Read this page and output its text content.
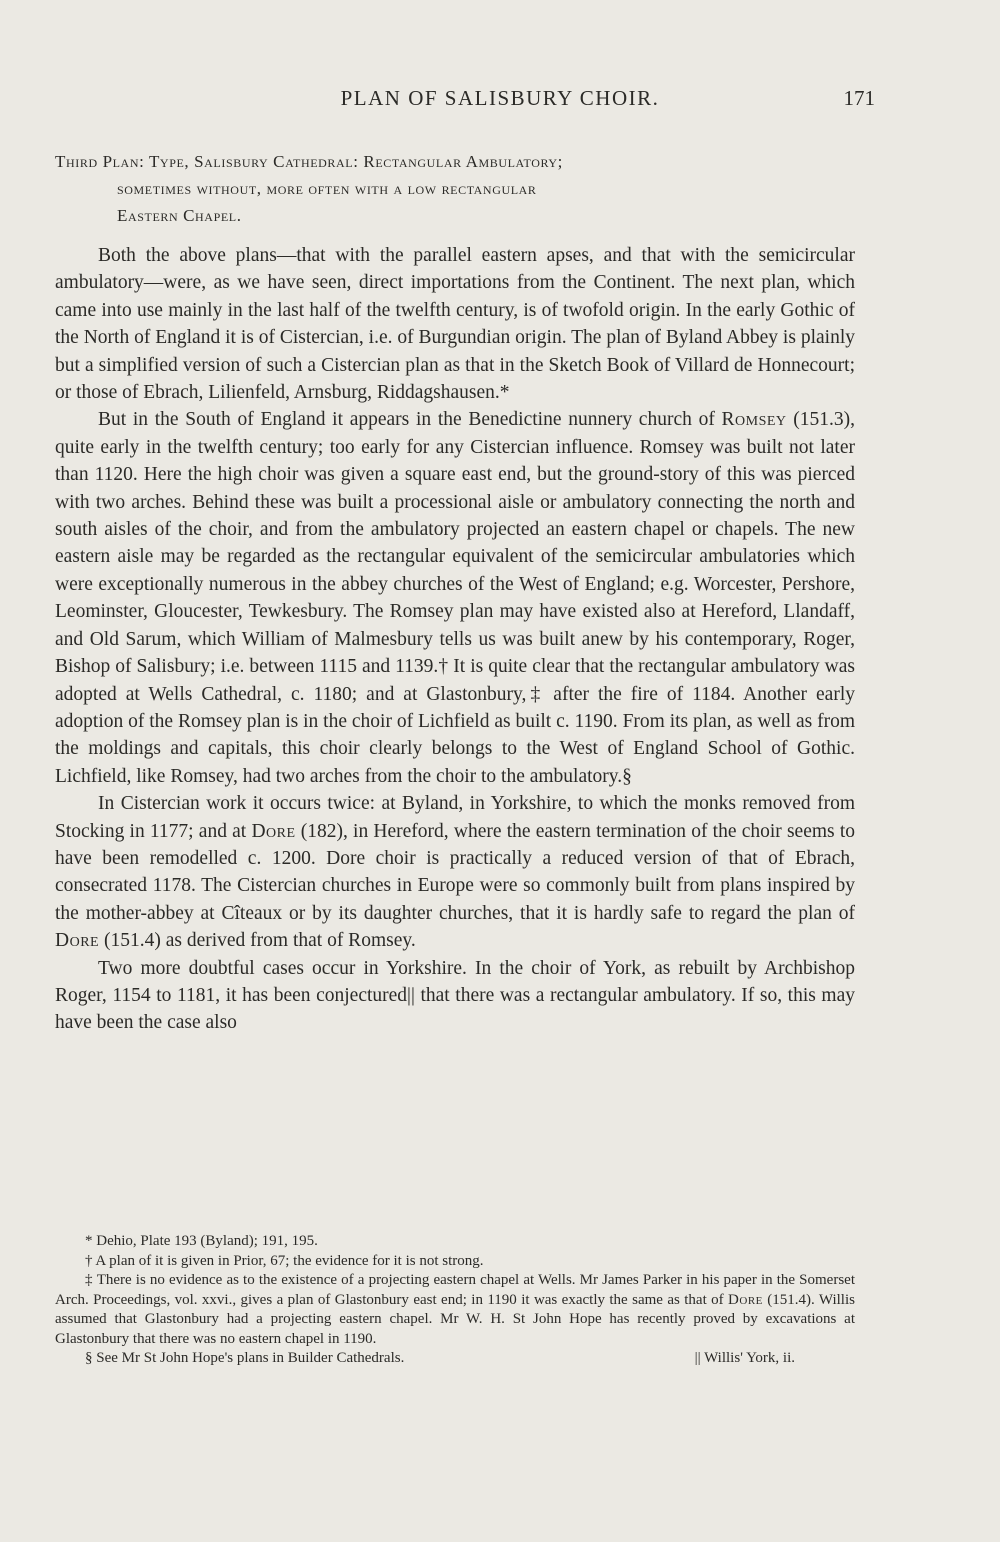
PLAN OF SALISBURY CHOIR.	171
Third Plan: Type, Salisbury Cathedral: Rectangular Ambulatory;
sometimes without, more often with a low rectangular
Eastern Chapel.

Both the above plans—that with the parallel eastern apses, and that with the semicircular ambulatory—were, as we have seen, direct importations from the Continent. The next plan, which came into use mainly in the last half of the twelfth century, is of twofold origin. In the early Gothic of the North of England it is of Cistercian, i.e. of Burgundian origin. The plan of Byland Abbey is plainly but a simplified version of such a Cistercian plan as that in the Sketch Book of Villard de Honnecourt; or those of Ebrach, Lilienfeld, Arnsburg, Riddagshausen.*

But in the South of England it appears in the Benedictine nunnery church of Romsey (151.3), quite early in the twelfth century; too early for any Cistercian influence. Romsey was built not later than 1120. Here the high choir was given a square east end, but the ground-story of this was pierced with two arches. Behind these was built a processional aisle or ambulatory connecting the north and south aisles of the choir, and from the ambulatory projected an eastern chapel or chapels. The new eastern aisle may be regarded as the rectangular equivalent of the semicircular ambulatories which were exceptionally numerous in the abbey churches of the West of England; e.g. Worcester, Pershore, Leominster, Gloucester, Tewkesbury. The Romsey plan may have existed also at Hereford, Llandaff, and Old Sarum, which William of Malmesbury tells us was built anew by his contemporary, Roger, Bishop of Salisbury; i.e. between 1115 and 1139.† It is quite clear that the rectangular ambulatory was adopted at Wells Cathedral, c. 1180; and at Glastonbury,‡ after the fire of 1184. Another early adoption of the Romsey plan is in the choir of Lichfield as built c. 1190. From its plan, as well as from the moldings and capitals, this choir clearly belongs to the West of England School of Gothic. Lichfield, like Romsey, had two arches from the choir to the ambulatory.§

In Cistercian work it occurs twice: at Byland, in Yorkshire, to which the monks removed from Stocking in 1177; and at Dore (182), in Hereford, where the eastern termination of the choir seems to have been remodelled c. 1200. Dore choir is practically a reduced version of that of Ebrach, consecrated 1178. The Cistercian churches in Europe were so commonly built from plans inspired by the mother-abbey at Cîteaux or by its daughter churches, that it is hardly safe to regard the plan of Dore (151.4) as derived from that of Romsey.

Two more doubtful cases occur in Yorkshire. In the choir of York, as rebuilt by Archbishop Roger, 1154 to 1181, it has been conjectured|| that there was a rectangular ambulatory. If so, this may have been the case also

* Dehio, Plate 193 (Byland); 191, 195.

† A plan of it is given in Prior, 67; the evidence for it is not strong.

‡ There is no evidence as to the existence of a projecting eastern chapel at Wells. Mr James Parker in his paper in the Somerset Arch. Proceedings, vol. xxvi., gives a plan of Glastonbury east end; in 1190 it was exactly the same as that of Dore (151.4). Willis assumed that Glastonbury had a projecting eastern chapel. Mr W. H. St John Hope has recently proved by excavations at Glastonbury that there was no eastern chapel in 1190.

§ See Mr St John Hope's plans in Builder Cathedrals.	|| Willis' York, ii.
